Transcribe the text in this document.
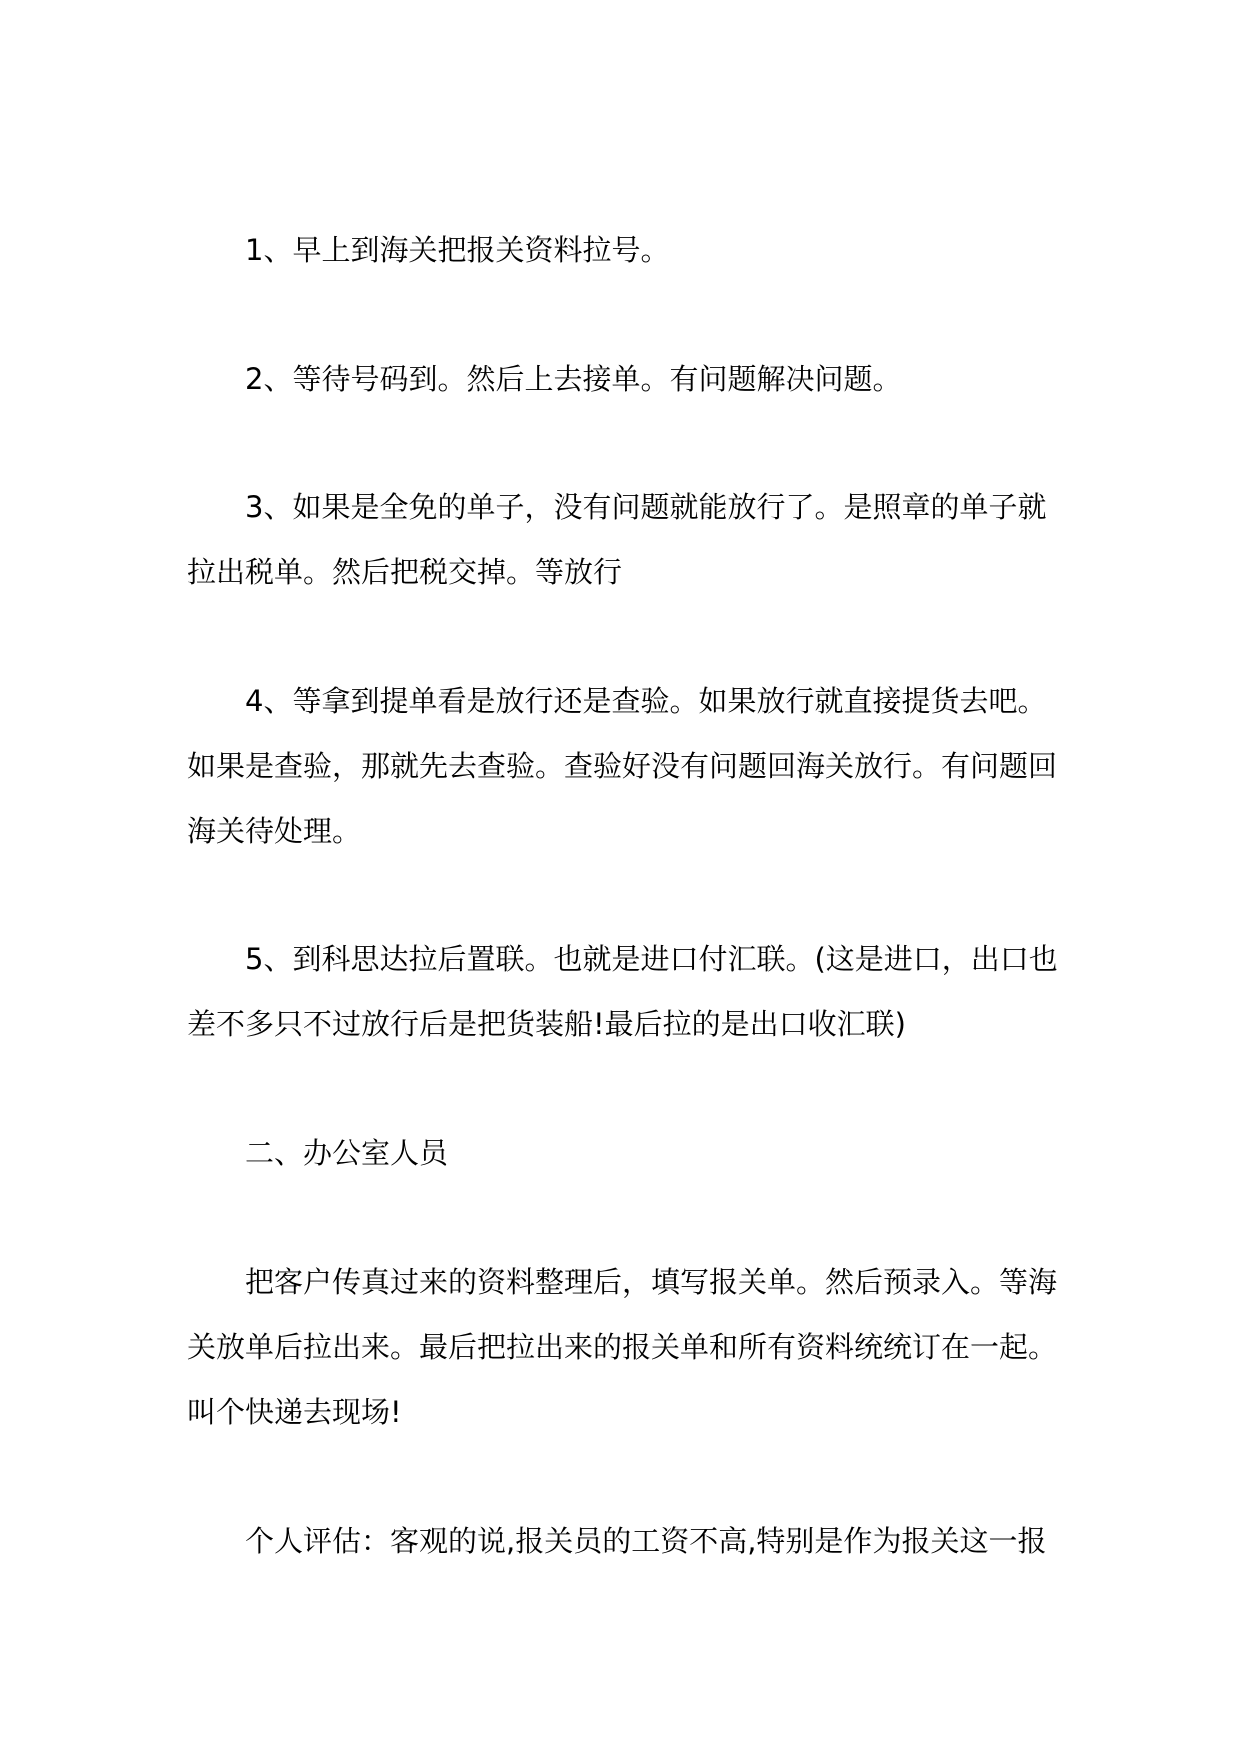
1、早上到海关把报关资料拉号。

2、等待号码到。然后上去接单。有问题解决问题。

3、如果是全免的单子，没有问题就能放行了。是照章的单子就拉出税单。然后把税交掉。等放行

4、等拿到提单看是放行还是查验。如果放行就直接提货去吧。如果是查验，那就先去查验。查验好没有问题回海关放行。有问题回海关待处理。

5、到科思达拉后置联。也就是进口付汇联。(这是进口，出口也差不多只不过放行后是把货装船!最后拉的是出口收汇联)

二、办公室人员

把客户传真过来的资料整理后，填写报关单。然后预录入。等海关放单后拉出来。最后把拉出来的报关单和所有资料统统订在一起。叫个快递去现场!

个人评估：客观的说,报关员的工资不高,特别是作为报关这一报
